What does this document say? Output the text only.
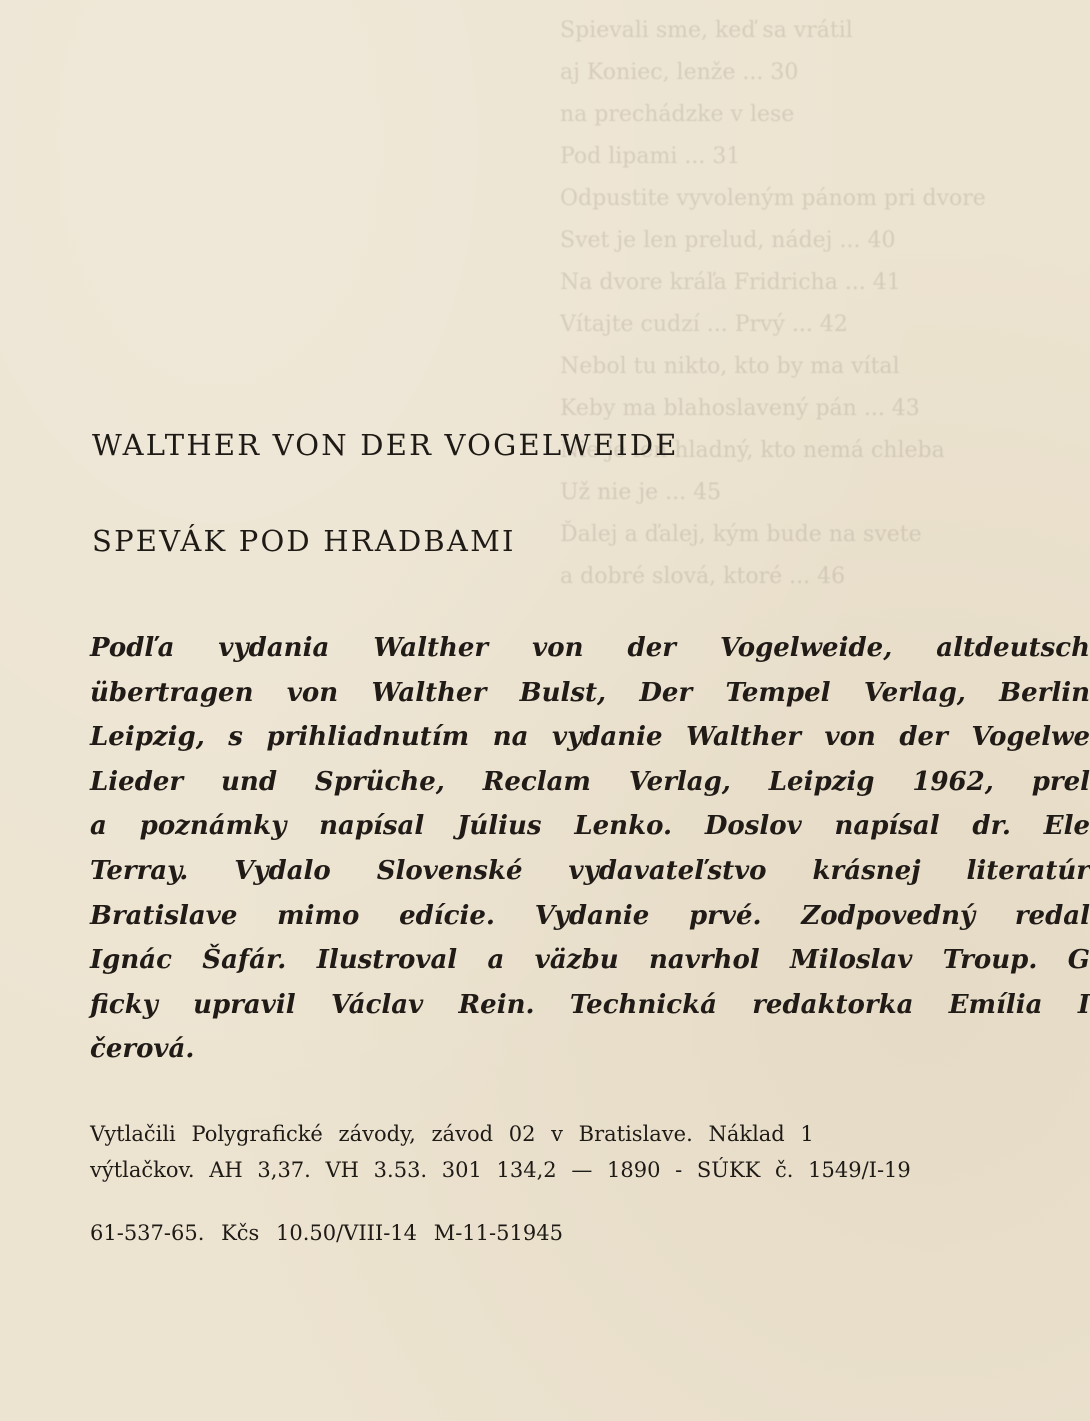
Spievali sme, keď sa vrátil
aj Koniec, lenže ... 30
na prechádzke v lese
Pod lipami ... 31
Odpustite vyvoleným pánom pri dvore
Svet je len prelud, nádej ... 40
Na dvore kráľa Fridricha ... 41
Vítajte cudzí ... Prvý ... 42
Nebol tu nikto, kto by ma vítal
Keby ma blahoslavený pán ... 43
Nie je len hladný, kto nemá chleba
Už nie je ... 45
Ďalej a ďalej, kým bude na svete
a dobré slová, ktoré ... 46
WALTHER VON DER VOGELWEIDE
SPEVÁK POD HRADBAMI
Podľa vydania Walther von der Vogelweide, altdeutsch
übertragen von Walther Bulst, Der Tempel Verlag, Berlin
Leipzig, s prihliadnutím na vydanie Walther von der Vogelwe
Lieder und Sprüche, Reclam Verlag, Leipzig 1962, prel
a poznámky napísal Július Lenko. Doslov napísal dr. Ele
Terray. Vydalo Slovenské vydavateľstvo krásnej literatúr
Bratislave mimo edície. Vydanie prvé. Zodpovedný redal
Ignác Šafár. Ilustroval a väzbu navrhol Miloslav Troup. G
ficky upravil Václav Rein. Technická redaktorka Emília I
čerová.
Vytlačili Polygrafické závody, závod 02 v Bratislave. Náklad 1
výtlačkov. AH 3,37. VH 3.53. 301 134,2 — 1890 - SÚKK č. 1549/I-19
61-537-65. Kčs 10.50/VIII-14 M-11-51945
